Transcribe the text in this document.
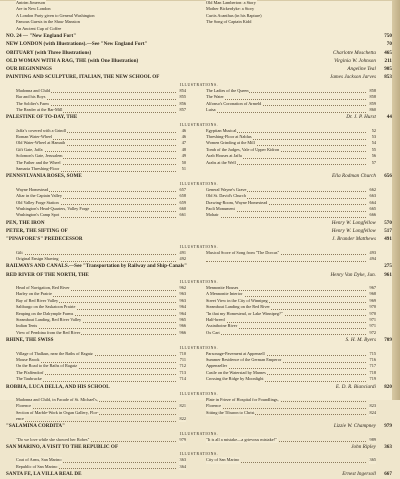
Antrim Jimerson
Are in New London
A London Party given to General Washington
Famous Guests in the Shaw Mansion
An Ancient Cup of Coffee
Old Man Lamberton: a Story
Mother Bickerdyke: a Story
Curtis Acanthus (in his Rapture)
The Song of Captain Kidd
NO. 24 — "New England Fort"	750
NEW LONDON (with Illustrations).—See "New England Fort"	70
OBITUARY (with Three Illustrations)	Charlotte Moschetta 465
OLD WOMAN WITH A RAG, THE (with One Illustration)	Virginia W. Johnson 211
OUR BEGINNINGS	Angeline Teal 905
PAINTING AND SCULPTURE, ITALIAN, THE NEW SCHOOL OF	James Jackson Jarves 853
ILLUSTRATIONS.
Madonna and Child	854
Bar and his Boys	855
The Soldier's Farm	856
The Reader at the Bar-Mill	857
The Ladies of the Queen	858
The Water	858
Alfonso's Coronation of Armeld	859
Luisa	860
PALESTINE OF TO-DAY, THE	Dr. J. P. Hurst 44
ILLUSTRATIONS.
Jaffa’s covered with a Grindl	46
Roman Water-Wheel	46
Old Water-Wheel at Hamath	47
Gift Gate, Jaffa	48
Solomon's Gate, Jerusalem	49
The Father and the Wheel	50
Samaria Threshing-Floor	51
Egyptian Musical	52
Threshing-Floor at Nablus	53
Women Grinding at the Mill	54
Tomb of the Judges, Vale of Upper Kidron	55
Arab Houses at Jaffa	56
Arabs at the Well	57
PENNSYLVANIA ROSES, SOME	Ella Rodman Church 656
ILLUSTRATIONS.
Wayne Homestead	657
Altar in the Captain Valley	658
Old Valley Forge Station	659
Washington's Head-Quarters, Valley Forge	660
Washington's Camp Spot	661
General Wayne's Grave	662
Old St. David's Church	663
Drawing-Room, Wayne Homestead	664
Paoli Monument	665
Mohair	666
PEN, THE IRON	Henry W. Longfellow 570
PETER, THE SIFTING OF	Henry W. Longfellow 517
"PINAFORE'S" PREDECESSOR	J. Brander Matthews 491
ILLUSTRATIONS.
Gilt	491
Original Ensign Shaving	492
Musical Score of Song from "The Dorcas"	493
494
RAILWAYS AND CANALS.—See "Transportation by Railway and Ship-Canals"	275
RED RIVER OF THE NORTH, THE	Henry Van Dyke, Jun. 961
ILLUSTRATIONS.
Head of Navigation, Red River	962
Harley on the Prairie	963
Bay of Red River Valley	963
Saltbargo on the Saskatoon Prairie	964
Reaping on the Dalrymple Farms	964
Steamboat Landing, Red River Valley	965
Indian Tents	966
View of Pembina from the Red River	966
Mennonite Houses	967
A Mennonite Interior	968
Street View in the City of Winnipeg	969
Steamboat Landing on the Red River	970
"In that my Homestead, or Lake Winnipeg?"	970
Half-breed	971
Assiniboine River	971
Ox Cart	972
RHINE, THE SWISS	S. H. M. Byers 709
ILLUSTRATIONS.
Village of Thalkun, near the Baths of Ragatz	710
Mouse Brook	711
On the Road to the Baths of Ragatz	712
The Pfaffendorf	713
The Taubrucke	714
Parsonage-Pavement at Appenzell	715
Summer Residence of the German Emperor	716
Appenzeller	717
Castle on the Waterstad by Marnes	718
Crossing the Ridge by Moonlight	719
ROBBIA, LUCA DELLA, AND HIS SCHOOL	E. D. R. Bianciardi 820
ILLUSTRATIONS.
Madonna and Child, in Facade of St. Michael's,
Florence	821
Section of Marble-Work in Organ Gallery, Flor-
ence	822
Plate in Frieze of Hospital for Foundlings,
Florence	823
Sitting the Tiburon to Christ	824
"SALAMINA CORDITA"	Lizzie W. Champney 979
ILLUSTRATIONS.
"Do we love while she showed her Robes"	979	"It is all a mistake—a grievous mistake!"	989
SAN MARINO, A VISIT TO THE REPUBLIC OF	John Ripley 363
ILLUSTRATIONS.
Coat of Arms, San Marino	363
Republic of San Marino	364
City of San Marino	365
SANTA FE, LA VILLA REAL DE	Ernest Ingersoll 667
